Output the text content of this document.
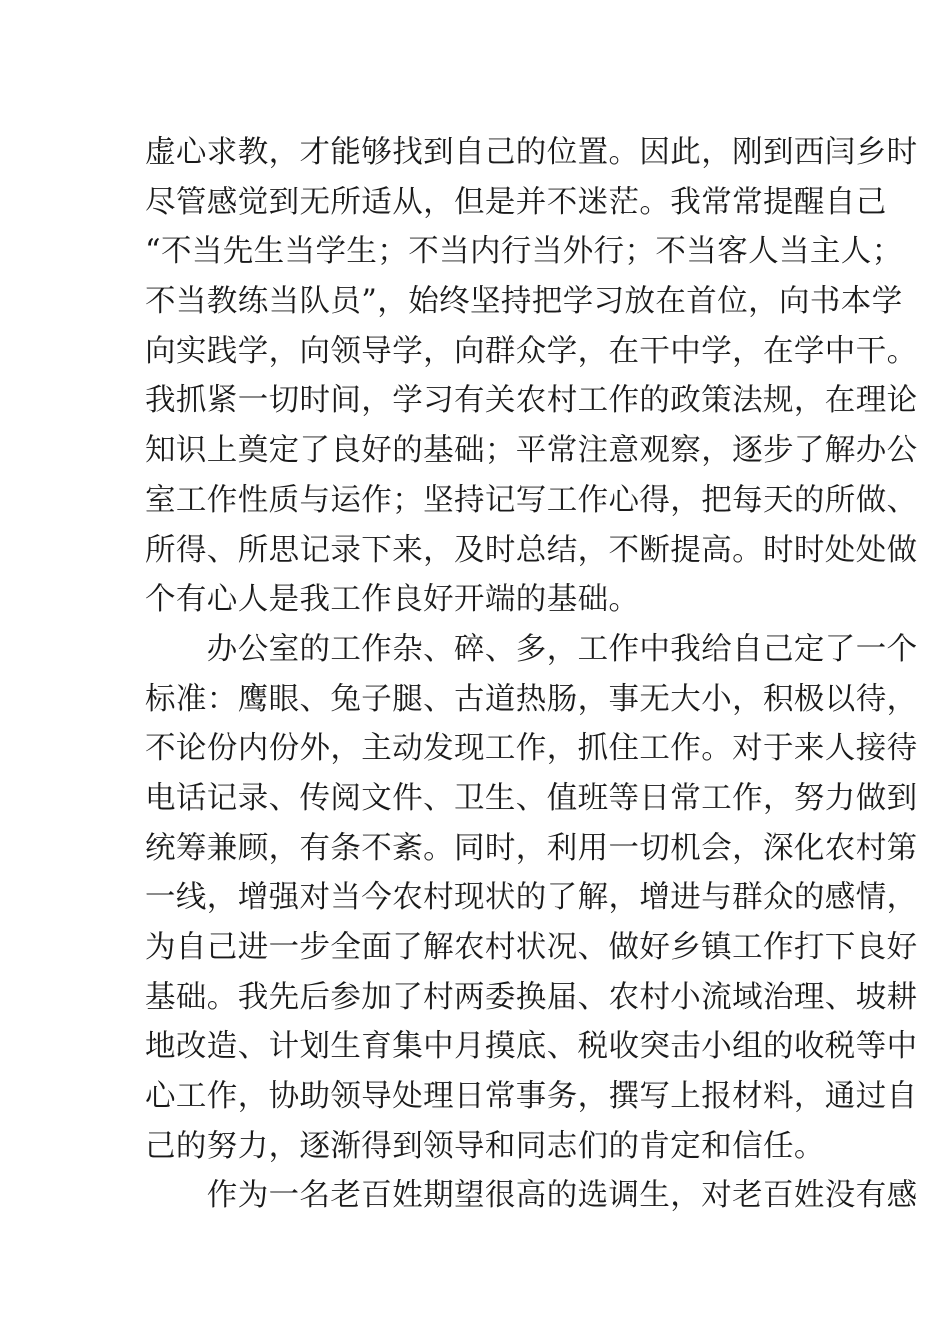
虚心求教，才能够找到自己的位置。因此，刚到西闫乡时
尽管感觉到无所适从，但是并不迷茫。我常常提醒自己
“不当先生当学生；不当内行当外行；不当客人当主人；
不当教练当队员”，始终坚持把学习放在首位，向书本学
向实践学，向领导学，向群众学，在干中学，在学中干。
我抓紧一切时间，学习有关农村工作的政策法规，在理论
知识上奠定了良好的基础；平常注意观察，逐步了解办公
室工作性质与运作；坚持记写工作心得，把每天的所做、
所得、所思记录下来，及时总结，不断提高。时时处处做
个有心人是我工作良好开端的基础。
　　办公室的工作杂、碎、多，工作中我给自己定了一个
标准：鹰眼、兔子腿、古道热肠，事无大小，积极以待，
不论份内份外，主动发现工作，抓住工作。对于来人接待
电话记录、传阅文件、卫生、值班等日常工作，努力做到
统筹兼顾，有条不紊。同时，利用一切机会，深化农村第
一线，增强对当今农村现状的了解，增进与群众的感情，
为自己进一步全面了解农村状况、做好乡镇工作打下良好
基础。我先后参加了村两委换届、农村小流域治理、坡耕
地改造、计划生育集中月摸底、税收突击小组的收税等中
心工作，协助领导处理日常事务，撰写上报材料，通过自
己的努力，逐渐得到领导和同志们的肯定和信任。
　　作为一名老百姓期望很高的选调生，对老百姓没有感
